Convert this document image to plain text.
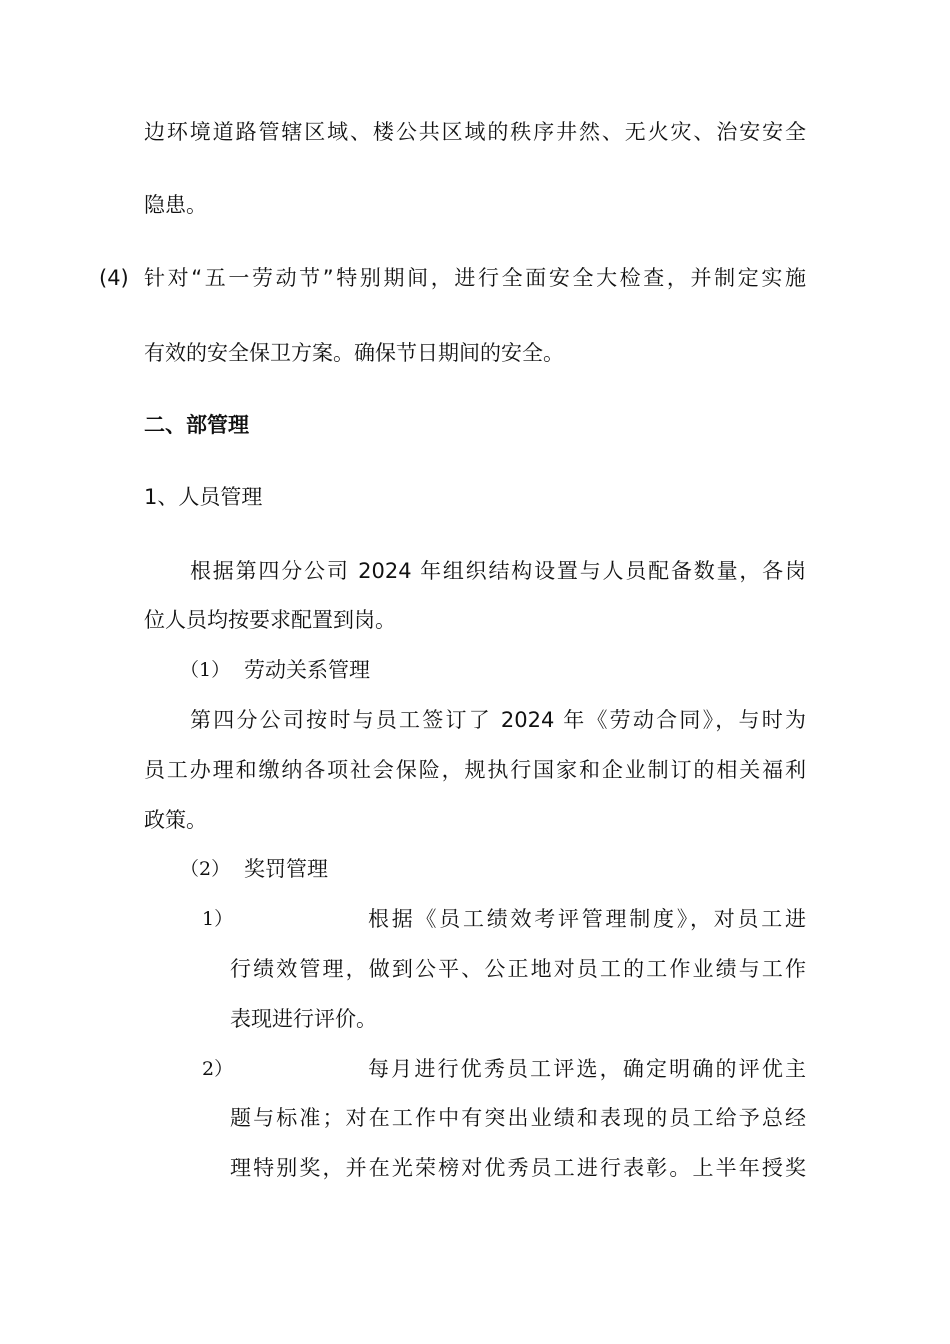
边环境道路管辖区域、楼公共区域的秩序井然、无火灾、治安安全
隐患。
(4) 针对“五一劳动节”特别期间，进行全面安全大检查，并制定实施
有效的安全保卫方案。确保节日期间的安全。
二、部管理
1、人员管理
根据第四分公司 2024 年组织结构设置与人员配备数量，各岗
位人员均按要求配置到岗。
（1） 劳动关系管理
第四分公司按时与员工签订了 2024 年《劳动合同》，与时为
员工办理和缴纳各项社会保险，规执行国家和企业制订的相关福利
政策。
（2） 奖罚管理
1）	根据《员工绩效考评管理制度》，对员工进
行绩效管理，做到公平、公正地对员工的工作业绩与工作
表现进行评价。
2）	每月进行优秀员工评选，确定明确的评优主
题与标准；对在工作中有突出业绩和表现的员工给予总经
理特别奖，并在光荣榜对优秀员工进行表彰。上半年授奖
